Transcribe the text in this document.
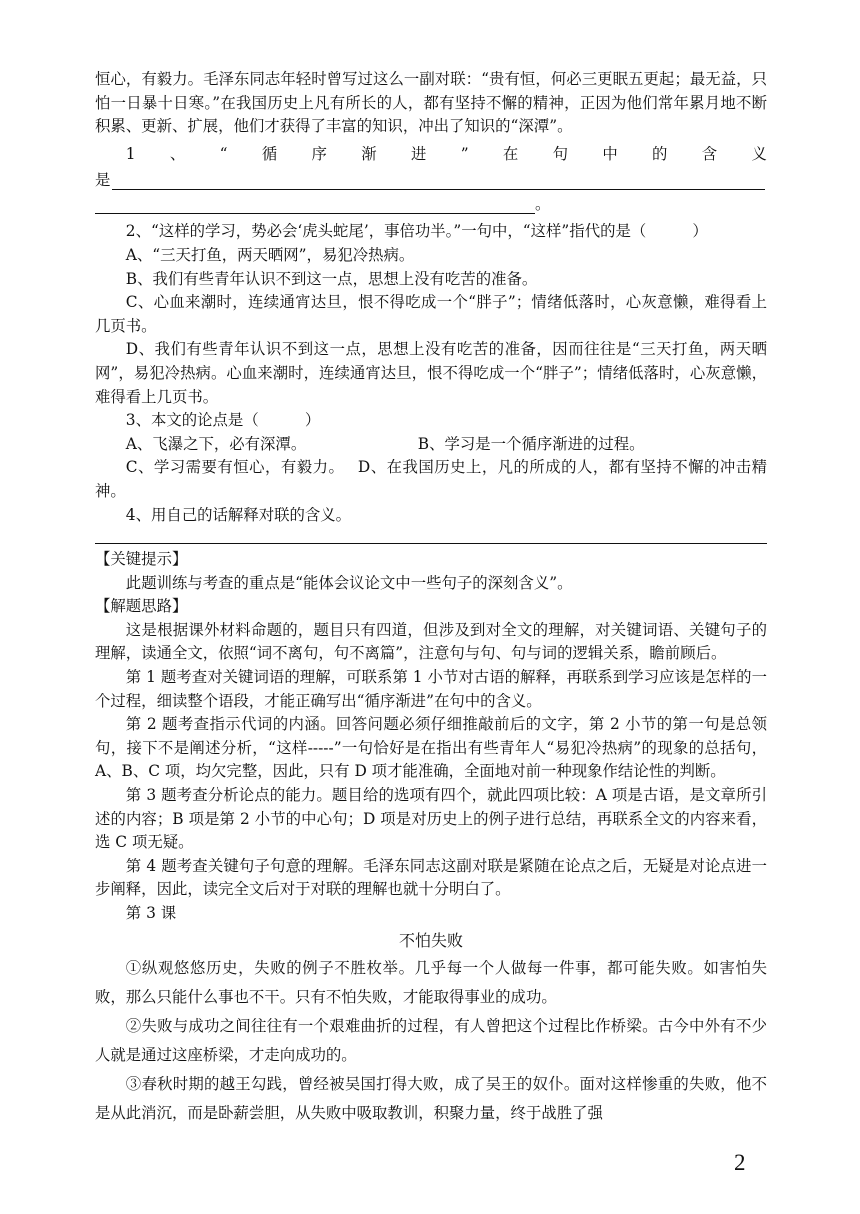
恒心，有毅力。毛泽东同志年轻时曾写过这么一副对联：“贵有恒，何必三更眠五更起；最无益，只怕一日暴十日寒。”在我国历史上凡有所长的人，都有坚持不懈的精神，正因为他们常年累月地不断积累、更新、扩展，他们才获得了丰富的知识，冲出了知识的“深潭”。

1 、 “ 循 序 渐 进 ” 在 句 中 的 含 义
是
。

2、“这样的学习，势必会‘虎头蛇尾’，事倍功半。”一句中，“这样”指代的是（　　　）

A、“三天打鱼，两天晒网”，易犯冷热病。

B、我们有些青年认识不到这一点，思想上没有吃苦的准备。

C、心血来潮时，连续通宵达旦，恨不得吃成一个“胖子”；情绪低落时，心灰意懒，难得看上几页书。

D、我们有些青年认识不到这一点，思想上没有吃苦的准备，因而往往是“三天打鱼，两天晒网”，易犯冷热病。心血来潮时，连续通宵达旦，恨不得吃成一个“胖子”；情绪低落时，心灰意懒，难得看上几页书。

3、本文的论点是（　　　）

A、飞瀑之下，必有深潭。	B、学习是一个循序渐进的过程。

C、学习需要有恒心，有毅力。　 D、在我国历史上，凡的所成的人，都有坚持不懈的冲击精神。

4、用自己的话解释对联的含义。

【关键提示】

此题训练与考查的重点是“能体会议论文中一些句子的深刻含义”。

【解题思路】

这是根据课外材料命题的，题目只有四道，但涉及到对全文的理解，对关键词语、关键句子的理解，读通全文，依照“词不离句，句不离篇”，注意句与句、句与词的逻辑关系，瞻前顾后。

第 1 题考查对关键词语的理解，可联系第 1 小节对古语的解释，再联系到学习应该是怎样的一个过程，细读整个语段，才能正确写出“循序渐进”在句中的含义。

第 2 题考查指示代词的内涵。回答问题必须仔细推敲前后的文字，第 2 小节的第一句是总领句，接下不是阐述分析，“这样-----”一句恰好是在指出有些青年人“易犯冷热病”的现象的总括句，A、B、C 项，均欠完整，因此，只有 D 项才能准确，全面地对前一种现象作结论性的判断。

第 3 题考查分析论点的能力。题目给的选项有四个，就此四项比较：A 项是古语，是文章所引述的内容；B 项是第 2 小节的中心句；D 项是对历史上的例子进行总结，再联系全文的内容来看，选 C 项无疑。

第 4 题考查关键句子句意的理解。毛泽东同志这副对联是紧随在论点之后，无疑是对论点进一步阐释，因此，读完全文后对于对联的理解也就十分明白了。

第 3 课

不怕失败

①纵观悠悠历史，失败的例子不胜枚举。几乎每一个人做每一件事，都可能失败。如害怕失败，那么只能什么事也不干。只有不怕失败，才能取得事业的成功。

②失败与成功之间往往有一个艰难曲折的过程，有人曾把这个过程比作桥梁。古今中外有不少人就是通过这座桥梁，才走向成功的。

③春秋时期的越王勾践，曾经被吴国打得大败，成了吴王的奴仆。面对这样惨重的失败，他不是从此消沉，而是卧薪尝胆，从失败中吸取教训，积聚力量，终于战胜了强

2
